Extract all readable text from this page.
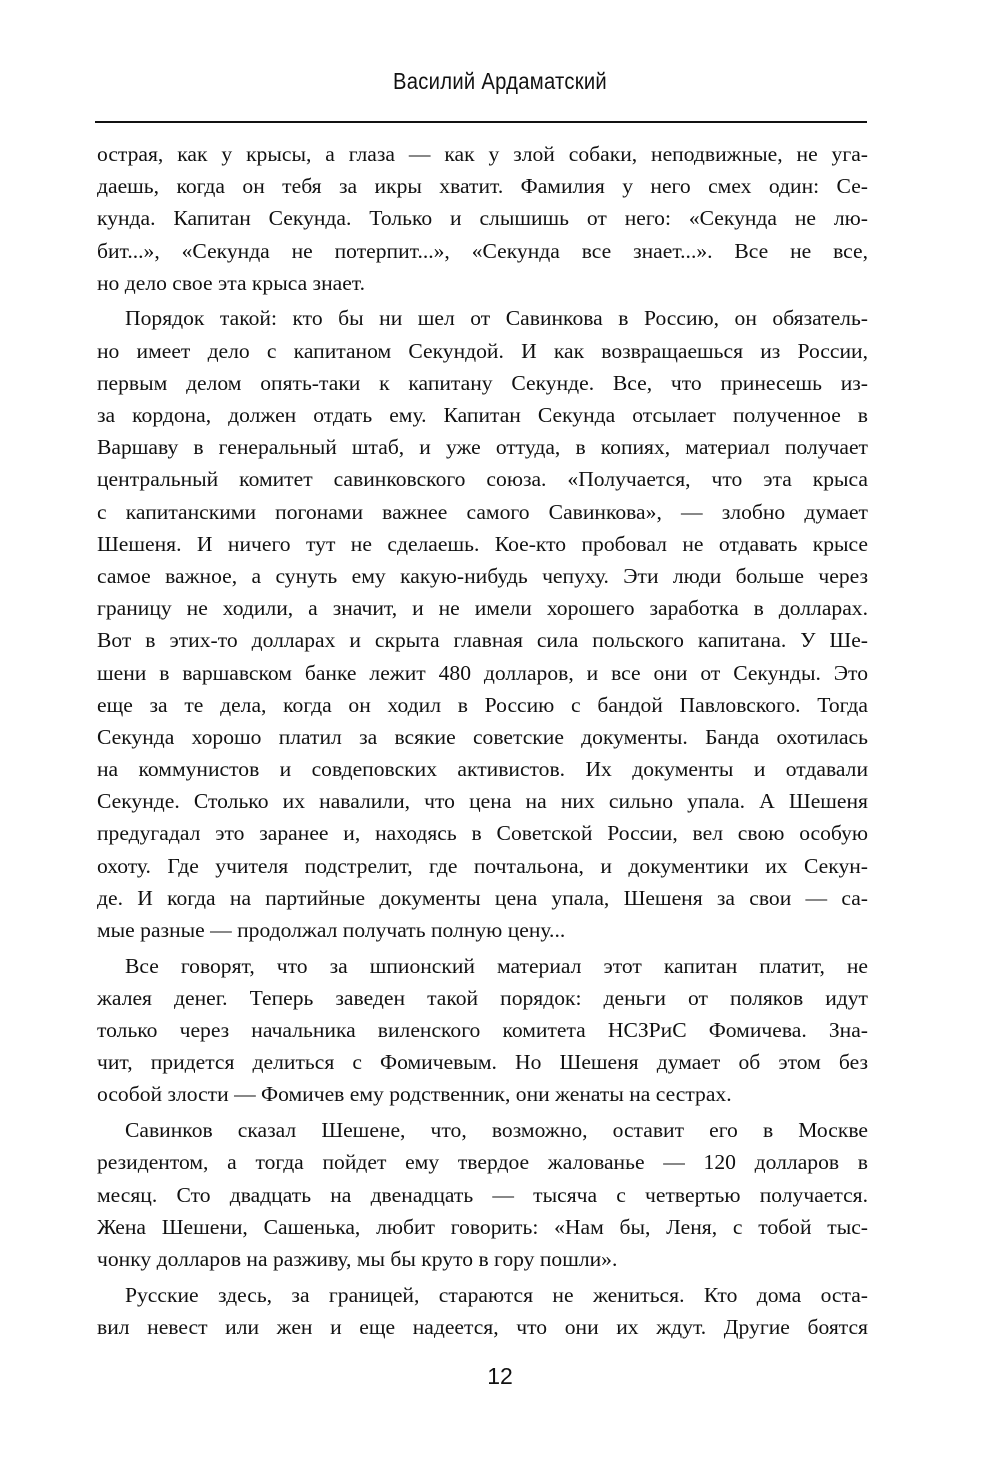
Василий Ардаматский
острая, как у крысы, а глаза — как у злой собаки, неподвижные, не уга-
даешь, когда он тебя за икры хватит. Фамилия у него смех один: Се-
кунда. Капитан Секунда. Только и слышишь от него: «Секунда не лю-
бит...», «Секунда не потерпит...», «Секунда все знает...». Все не все,
но дело свое эта крыса знает.
Порядок такой: кто бы ни шел от Савинкова в Россию, он обязатель-
но имеет дело с капитаном Секундой. И как возвращаешься из России,
первым делом опять-таки к капитану Секунде. Все, что принесешь из-
за кордона, должен отдать ему. Капитан Секунда отсылает полученное в
Варшаву в генеральный штаб, и уже оттуда, в копиях, материал получает
центральный комитет савинковского союза. «Получается, что эта крыса
с капитанскими погонами важнее самого Савинкова», — злобно думает
Шешеня. И ничего тут не сделаешь. Кое-кто пробовал не отдавать крысе
самое важное, а сунуть ему какую-нибудь чепуху. Эти люди больше через
границу не ходили, а значит, и не имели хорошего заработка в долларах.
Вот в этих-то долларах и скрыта главная сила польского капитана. У Ше-
шени в варшавском банке лежит 480 долларов, и все они от Секунды. Это
еще за те дела, когда он ходил в Россию с бандой Павловского. Тогда
Секунда хорошо платил за всякие советские документы. Банда охотилась
на коммунистов и совдеповских активистов. Их документы и отдавали
Секунде. Столько их навалили, что цена на них сильно упала. А Шешеня
предугадал это заранее и, находясь в Советской России, вел свою особую
охоту. Где учителя подстрелит, где почтальона, и документики их Секун-
де. И когда на партийные документы цена упала, Шешеня за свои — са-
мые разные — продолжал получать полную цену...
Все говорят, что за шпионский материал этот капитан платит, не
жалея денег. Теперь заведен такой порядок: деньги от поляков идут
только через начальника виленского комитета НСЗРиС Фомичева. Зна-
чит, придется делиться с Фомичевым. Но Шешеня думает об этом без
особой злости — Фомичев ему родственник, они женаты на сестрах.
Савинков сказал Шешене, что, возможно, оставит его в Москве
резидентом, а тогда пойдет ему твердое жалованье — 120 долларов в
месяц. Сто двадцать на двенадцать — тысяча с четвертью получается.
Жена Шешени, Сашенька, любит говорить: «Нам бы, Леня, с тобой тыс-
чонку долларов на разживу, мы бы круто в гору пошли».
Русские здесь, за границей, стараются не жениться. Кто дома оста-
вил невест или жен и еще надеется, что они их ждут. Другие боятся
12
